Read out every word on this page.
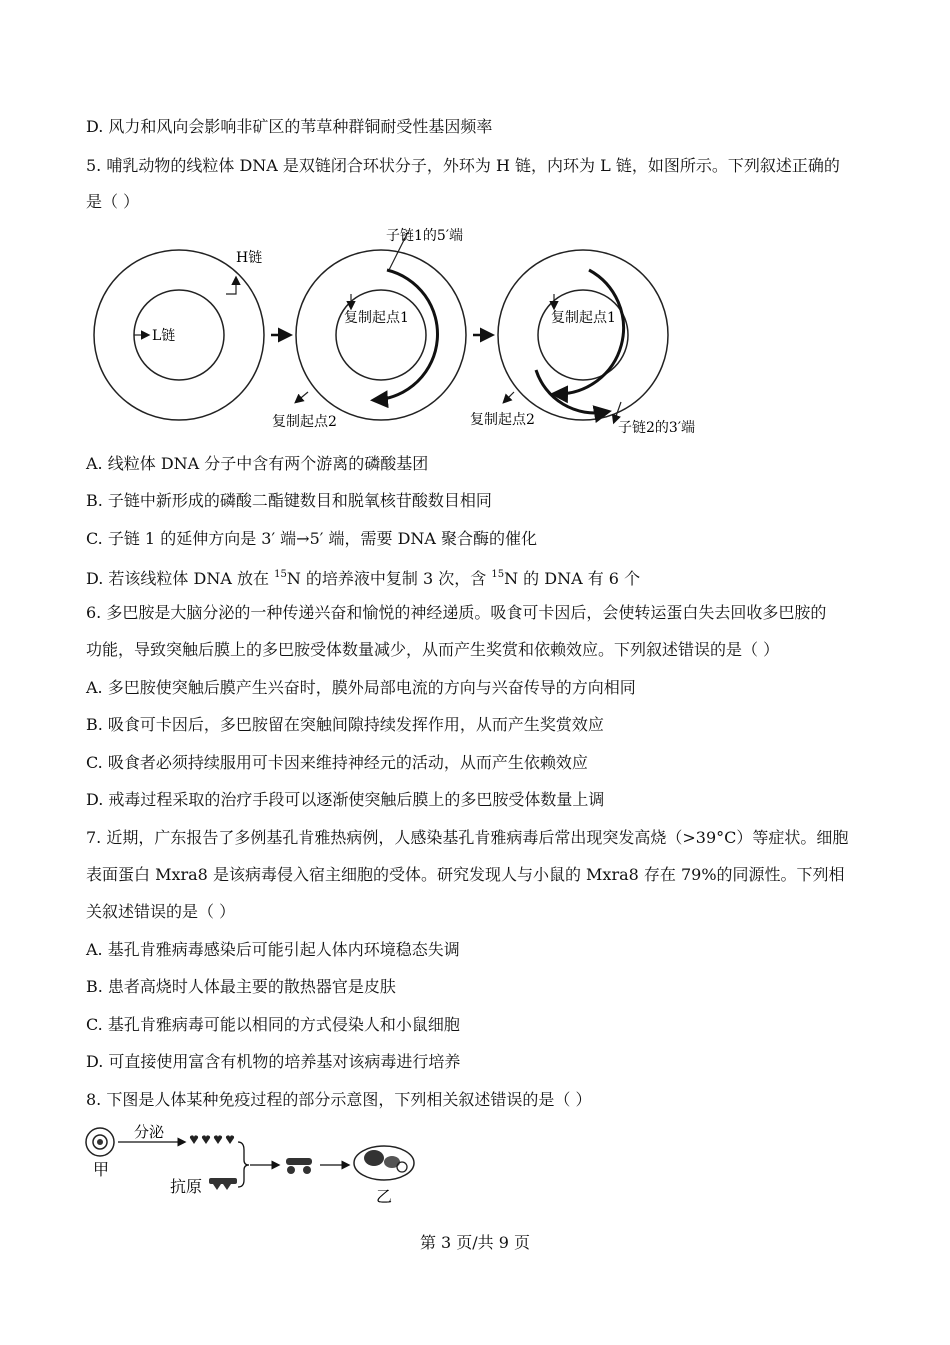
D. 风力和风向会影响非矿区的苇草种群铜耐受性基因频率
5. 哺乳动物的线粒体 DNA 是双链闭合环状分子，外环为 H 链，内环为 L 链，如图所示。下列叙述正确的
是（ ）
H链
L链
子链1的5′端
复制起点1
复制起点2
复制起点1
复制起点2	子链2的3′端
A. 线粒体 DNA 分子中含有两个游离的磷酸基团
B. 子链中新形成的磷酸二酯键数目和脱氧核苷酸数目相同
C. 子链 1 的延伸方向是 3′ 端→5′ 端，需要 DNA 聚合酶的催化
D. 若该线粒体 DNA 放在 $^{15}$N 的培养液中复制 3 次，含 $^{15}$N 的 DNA 有 6 个
6. 多巴胺是大脑分泌的一种传递兴奋和愉悦的神经递质。吸食可卡因后，会使转运蛋白失去回收多巴胺的
功能，导致突触后膜上的多巴胺受体数量减少，从而产生奖赏和依赖效应。下列叙述错误的是（ ）
A. 多巴胺使突触后膜产生兴奋时，膜外局部电流的方向与兴奋传导的方向相同
B. 吸食可卡因后，多巴胺留在突触间隙持续发挥作用，从而产生奖赏效应
C. 吸食者必须持续服用可卡因来维持神经元的活动，从而产生依赖效应
D. 戒毒过程采取的治疗手段可以逐渐使突触后膜上的多巴胺受体数量上调
7. 近期，广东报告了多例基孔肯雅热病例，人感染基孔肯雅病毒后常出现突发高烧（>39°C）等症状。细胞
表面蛋白 Mxra8 是该病毒侵入宿主细胞的受体。研究发现人与小鼠的 Mxra8 存在 79%的同源性。下列相
关叙述错误的是（ ）
A. 基孔肯雅病毒感染后可能引起人体内环境稳态失调
B. 患者高烧时人体最主要的散热器官是皮肤
C. 基孔肯雅病毒可能以相同的方式侵染人和小鼠细胞
D. 可直接使用富含有机物的培养基对该病毒进行培养
8. 下图是人体某种免疫过程的部分示意图，下列相关叙述错误的是（ ）
甲
分泌
抗原
乙
第 3 页/共 9 页
